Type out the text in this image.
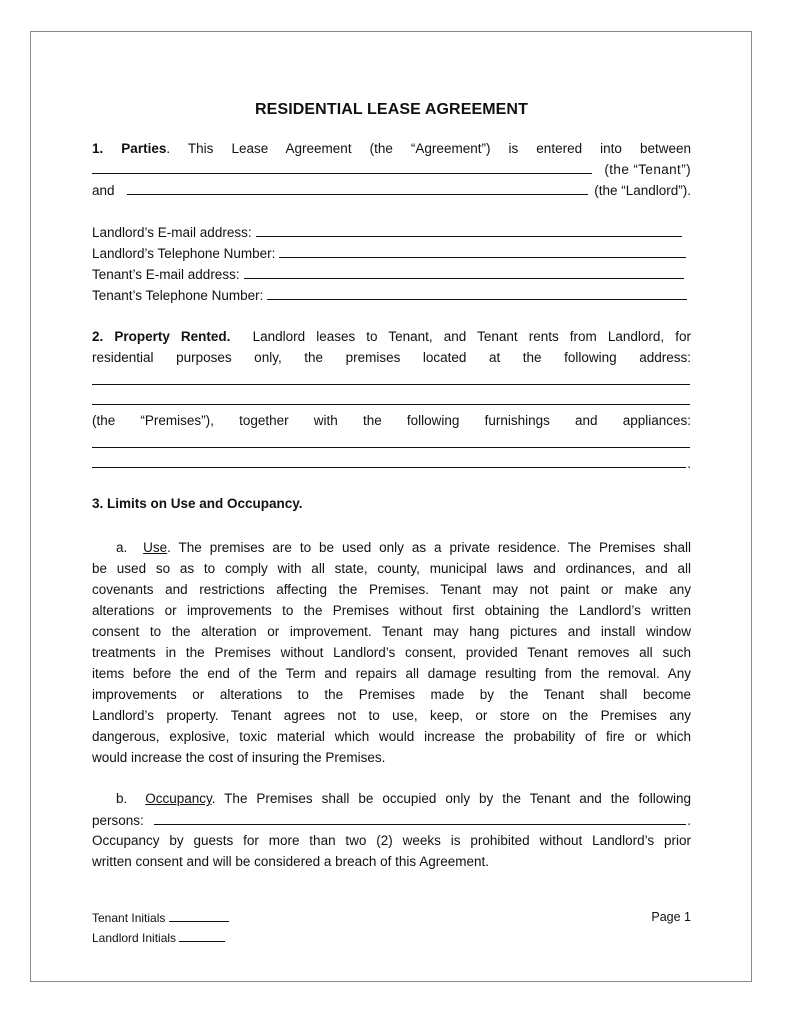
RESIDENTIAL LEASE AGREEMENT
1. Parties. This Lease Agreement (the “Agreement”) is entered into between
(the “Tenant”)
and	(the “Landlord”).
Landlord’s E-mail address:
Landlord’s Telephone Number:
Tenant’s E-mail address:
Tenant’s Telephone Number:
2. Property Rented. Landlord leases to Tenant, and Tenant rents from Landlord, for
residential purposes only, the premises located at the following address:
(the “Premises”), together with the following furnishings and appliances:
.
3. Limits on Use and Occupancy.
a. Use. The premises are to be used only as a private residence. The Premises shall
be used so as to comply with all state, county, municipal laws and ordinances, and all
covenants and restrictions affecting the Premises. Tenant may not paint or make any
alterations or improvements to the Premises without first obtaining the Landlord’s written
consent to the alteration or improvement. Tenant may hang pictures and install window
treatments in the Premises without Landlord’s consent, provided Tenant removes all such
items before the end of the Term and repairs all damage resulting from the removal. Any
improvements or alterations to the Premises made by the Tenant shall become
Landlord’s property. Tenant agrees not to use, keep, or store on the Premises any
dangerous, explosive, toxic material which would increase the probability of fire or which
would increase the cost of insuring the Premises.
b. Occupancy. The Premises shall be occupied only by the Tenant and the following
persons:	.
Occupancy by guests for more than two (2) weeks is prohibited without Landlord’s prior
written consent and will be considered a breach of this Agreement.
Tenant Initials
Landlord Initials
Page 1
